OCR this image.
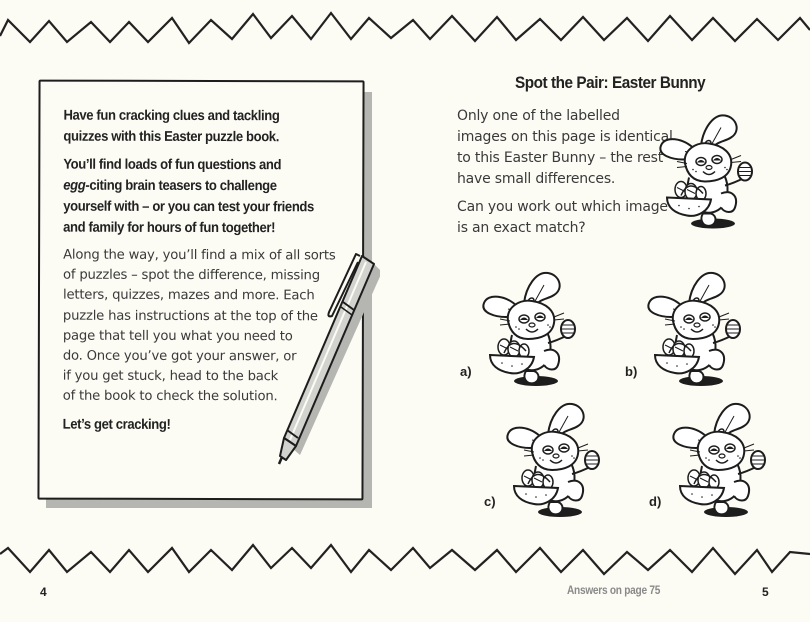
Have fun cracking clues and tackling
quizzes with this Easter puzzle book.
You’ll find loads of fun questions and
egg-citing brain teasers to challenge
yourself with – or you can test your friends
and family for hours of fun together!
Along the way, you’ll find a mix of all sorts
of puzzles – spot the difference, missing
letters, quizzes, mazes and more. Each
puzzle has instructions at the top of the
page that tell you what you need to
do. Once you’ve got your answer, or
if you get stuck, head to the back
of the book to check the solution.
Let’s get cracking!
4
Spot the Pair: Easter Bunny
Only one of the labelled
images on this page is identical
to this Easter Bunny – the rest
have small differences.
Can you work out which image
is an exact match?
a)	b)
c)	d)
Answers on page 75	5
